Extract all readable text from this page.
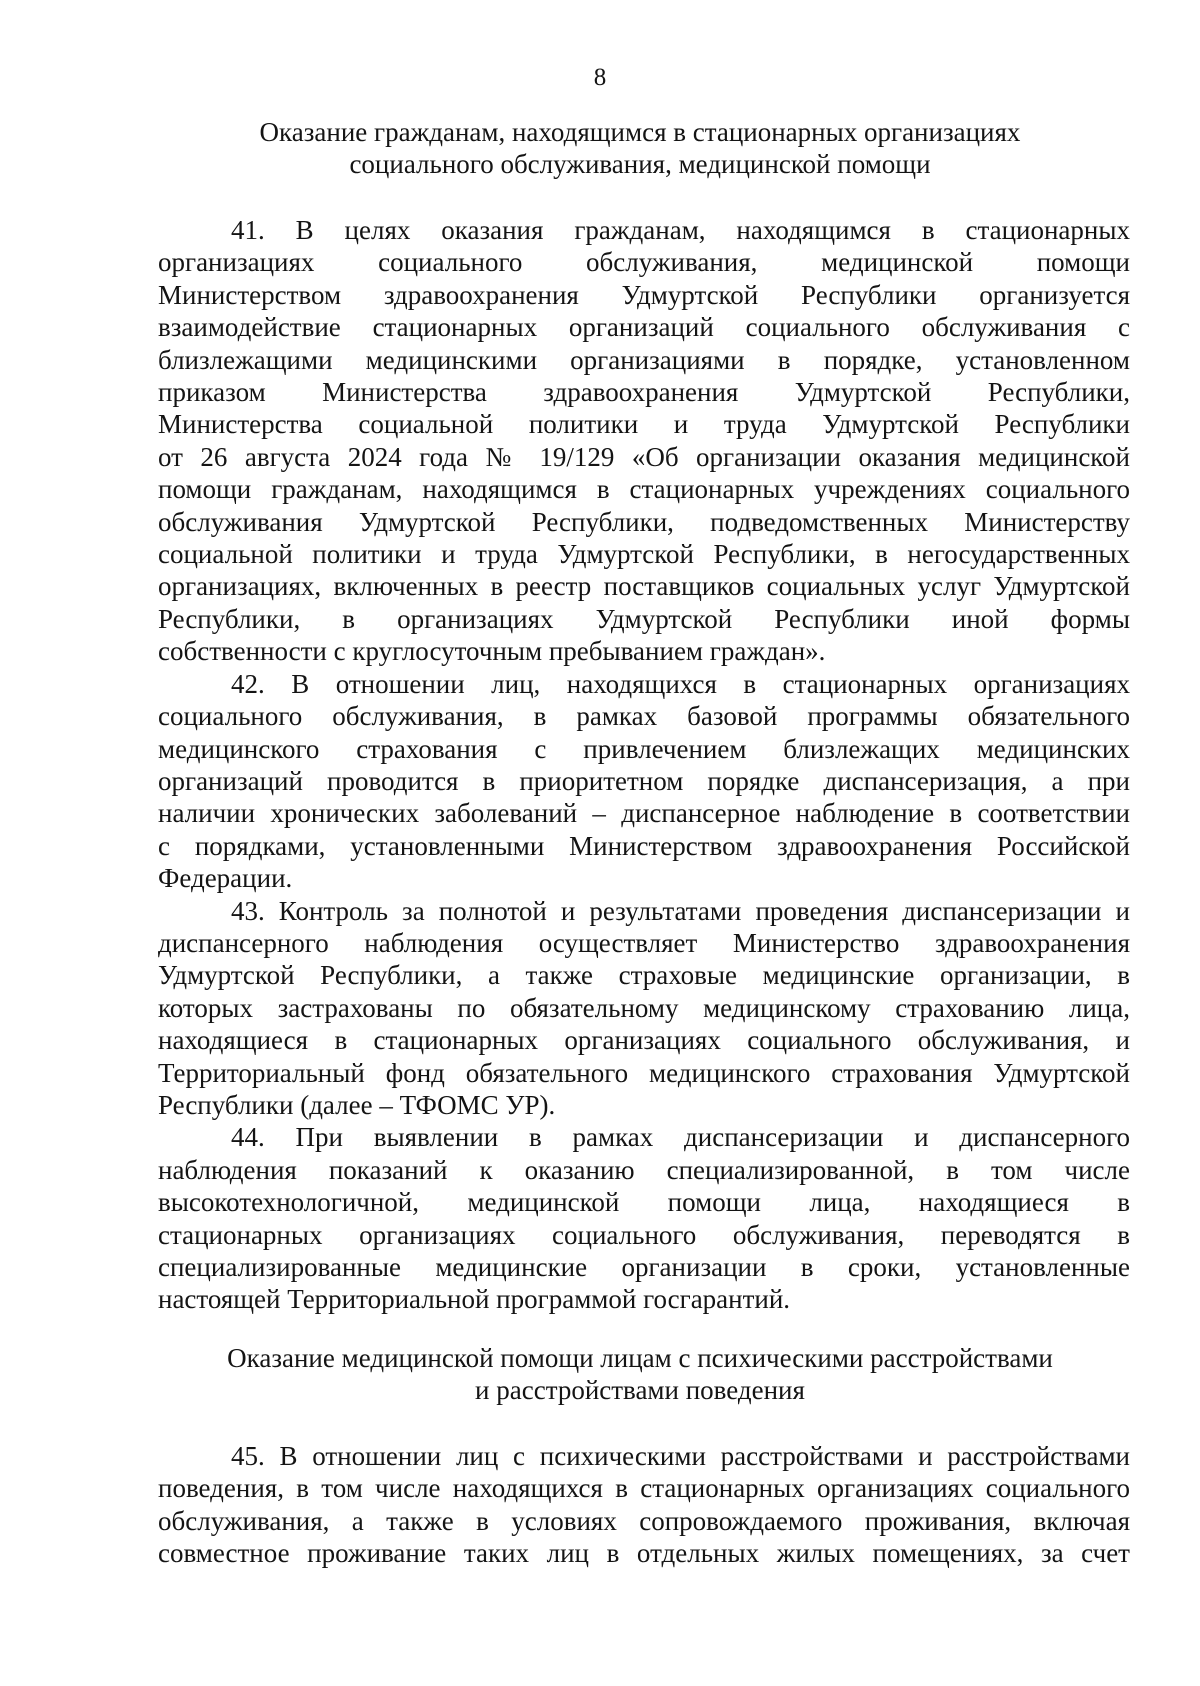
8
Оказание гражданам, находящимся в стационарных организациях
социального обслуживания, медицинской помощи
41. В целях оказания гражданам, находящимся в стационарных
организациях социального обслуживания, медицинской помощи
Министерством здравоохранения Удмуртской Республики организуется
взаимодействие стационарных организаций социального обслуживания с
близлежащими медицинскими организациями в порядке, установленном
приказом Министерства здравоохранения Удмуртской Республики,
Министерства социальной политики и труда Удмуртской Республики
от 26 августа 2024 года № 19/129 «Об организации оказания медицинской
помощи гражданам, находящимся в стационарных учреждениях социального
обслуживания Удмуртской Республики, подведомственных Министерству
социальной политики и труда Удмуртской Республики, в негосударственных
организациях, включенных в реестр поставщиков социальных услуг Удмуртской
Республики, в организациях Удмуртской Республики иной формы
собственности с круглосуточным пребыванием граждан».
42. В отношении лиц, находящихся в стационарных организациях
социального обслуживания, в рамках базовой программы обязательного
медицинского страхования с привлечением близлежащих медицинских
организаций проводится в приоритетном порядке диспансеризация, а при
наличии хронических заболеваний – диспансерное наблюдение в соответствии
с порядками, установленными Министерством здравоохранения Российской
Федерации.
43. Контроль за полнотой и результатами проведения диспансеризации и
диспансерного наблюдения осуществляет Министерство здравоохранения
Удмуртской Республики, а также страховые медицинские организации, в
которых застрахованы по обязательному медицинскому страхованию лица,
находящиеся в стационарных организациях социального обслуживания, и
Территориальный фонд обязательного медицинского страхования Удмуртской
Республики (далее – ТФОМС УР).
44. При выявлении в рамках диспансеризации и диспансерного
наблюдения показаний к оказанию специализированной, в том числе
высокотехнологичной, медицинской помощи лица, находящиеся в
стационарных организациях социального обслуживания, переводятся в
специализированные медицинские организации в сроки, установленные
настоящей Территориальной программой госгарантий.
Оказание медицинской помощи лицам с психическими расстройствами
и расстройствами поведения
45. В отношении лиц с психическими расстройствами и расстройствами
поведения, в том числе находящихся в стационарных организациях социального
обслуживания, а также в условиях сопровождаемого проживания, включая
совместное проживание таких лиц в отдельных жилых помещениях, за счет
